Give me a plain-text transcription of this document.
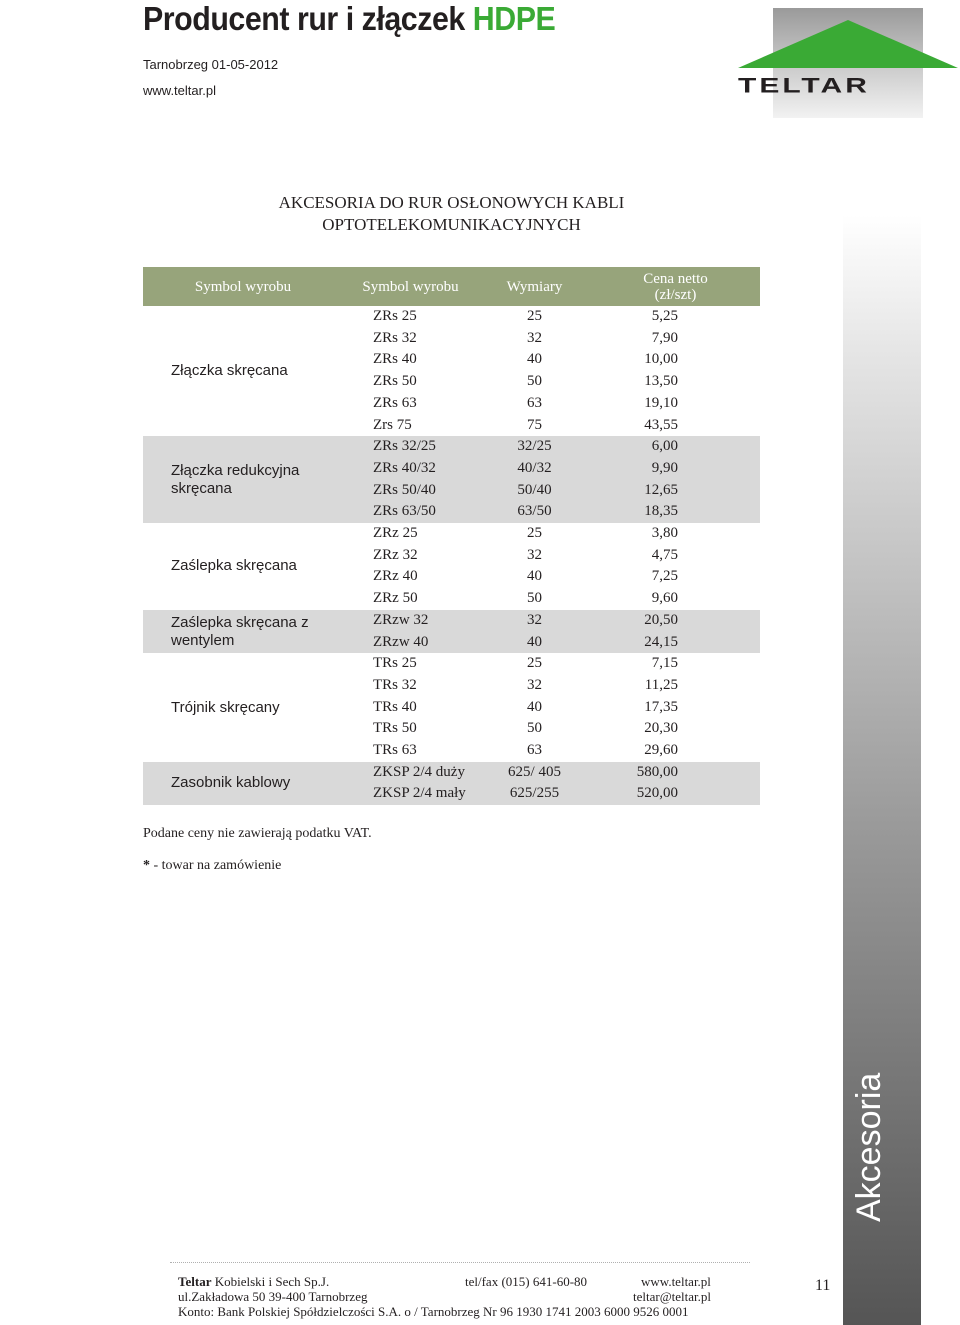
Producent rur i złączek HDPE
Tarnobrzeg 01-05-2012
www.teltar.pl	TELTAR
Akcesoria
AKCESORIA DO RUR OSŁONOWYCH KABLI
OPTOTELEKOMUNIKACYJNYCH
Symbol wyrobu	Symbol wyrobu	Wymiary	Cena netto
(zł/szt)
Złączka skręcana	ZRs 25	25	5,25
	ZRs 32	32	7,90
	ZRs 40	40	10,00
	ZRs 50	50	13,50
	ZRs 63	63	19,10
	Zrs 75	75	43,55
Złączka redukcyjna skręcana	ZRs 32/25	32/25	6,00
	ZRs 40/32	40/32	9,90
	ZRs 50/40	50/40	12,65
	ZRs 63/50	63/50	18,35
Zaślepka skręcana	ZRz 25	25	3,80
	ZRz 32	32	4,75
	ZRz 40	40	7,25
	ZRz 50	50	9,60
Zaślepka skręcana z wentylem	ZRzw 32	32	20,50
	ZRzw 40	40	24,15
Trójnik skręcany	TRs 25	25	7,15
	TRs 32	32	11,25
	TRs 40	40	17,35
	TRs 50	50	20,30
	TRs 63	63	29,60
Zasobnik kablowy	ZKSP 2/4 duży	625/ 405	580,00
	ZKSP 2/4 mały	625/255	520,00
Podane ceny nie zawierają podatku VAT.
* - towar na zamówienie
Teltar Kobielski i Sech Sp.J.
ul.Zakładowa 50 39-400 Tarnobrzeg
Konto: Bank Polskiej Spółdzielczości S.A. o / Tarnobrzeg Nr 96 1930 1741 2003 6000 9526 0001
tel/fax (015) 641-60-80	www.teltar.pl
teltar@teltar.pl
11
